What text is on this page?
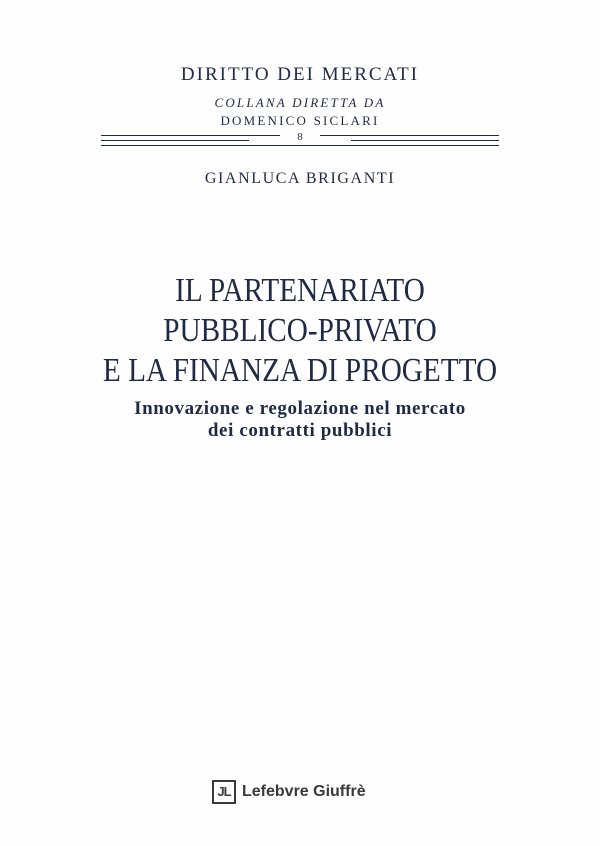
DIRITTO DEI MERCATI
COLLANA DIRETTA DA
DOMENICO SICLARI
8
GIANLUCA BRIGANTI
IL PARTENARIATO
PUBBLICO-PRIVATO
E LA FINANZA DI PROGETTO
Innovazione e regolazione nel mercato
dei contratti pubblici
JL Lefebvre Giuffrè
